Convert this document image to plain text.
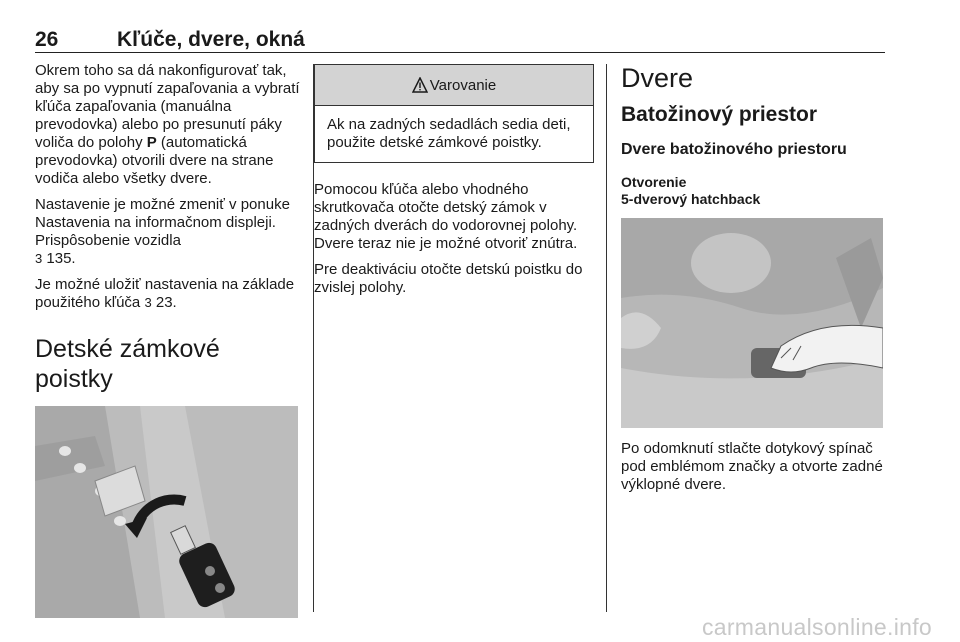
26	Kľúče, dvere, okná

Okrem toho sa dá nakonfigurovať tak, aby sa po vypnutí zapaľovania a vybratí kľúča zapaľovania (manuálna prevodovka) alebo po presunutí páky voliča do polohy P (automatická prevodovka) otvorili dvere na strane vodiča alebo všetky dvere.

Nastavenie je možné zmeniť v ponuke Nastavenia na informačnom displeji. Prispôsobenie vozidla
3 135.

Je možné uložiť nastavenia na základe použitého kľúča 3 23.

Detské zámkové poistky
Varovanie
Ak na zadných sedadlách sedia deti, použite detské zámkové poistky.

Pomocou kľúča alebo vhodného skrutkovača otočte detský zámok v zadných dverách do vodorovnej polohy. Dvere teraz nie je možné otvoriť znútra.

Pre deaktiváciu otočte detskú poistku do zvislej polohy.

Dvere
Batožinový priestor
Dvere batožinového priestoru
Otvorenie
5-dverový hatchback

Po odomknutí stlačte dotykový spínač pod emblémom značky a otvorte zadné výklopné dvere.

carmanualsonline.info
